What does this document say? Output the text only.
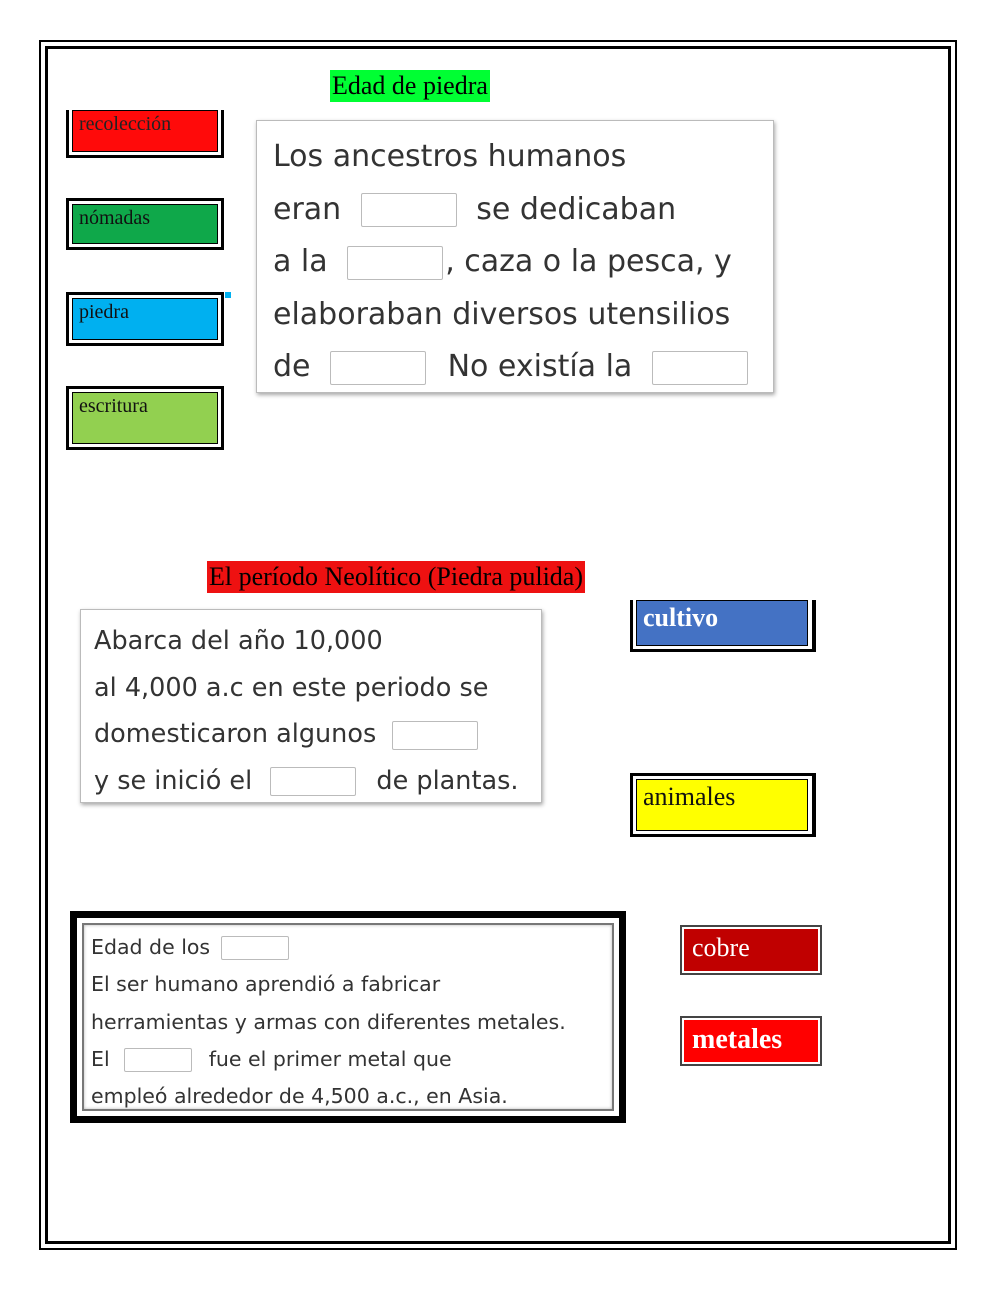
Edad de piedra
recolección
nómadas
piedra
escritura
Los ancestros humanos
eran	se dedicaban
a la	, caza o la pesca, y
elaboraban diversos utensilios
de	No existía la
El período Neolítico (Piedra pulida)
Abarca del año 10,000
al 4,000 a.c en este periodo se
domesticaron algunos
y se inició el	de plantas.
cultivo
animales
Edad de los
El ser humano aprendió a fabricar
herramientas y armas con diferentes metales.
El	fue el primer metal que
empleó alrededor de 4,500 a.c., en Asia.
cobre
metales
